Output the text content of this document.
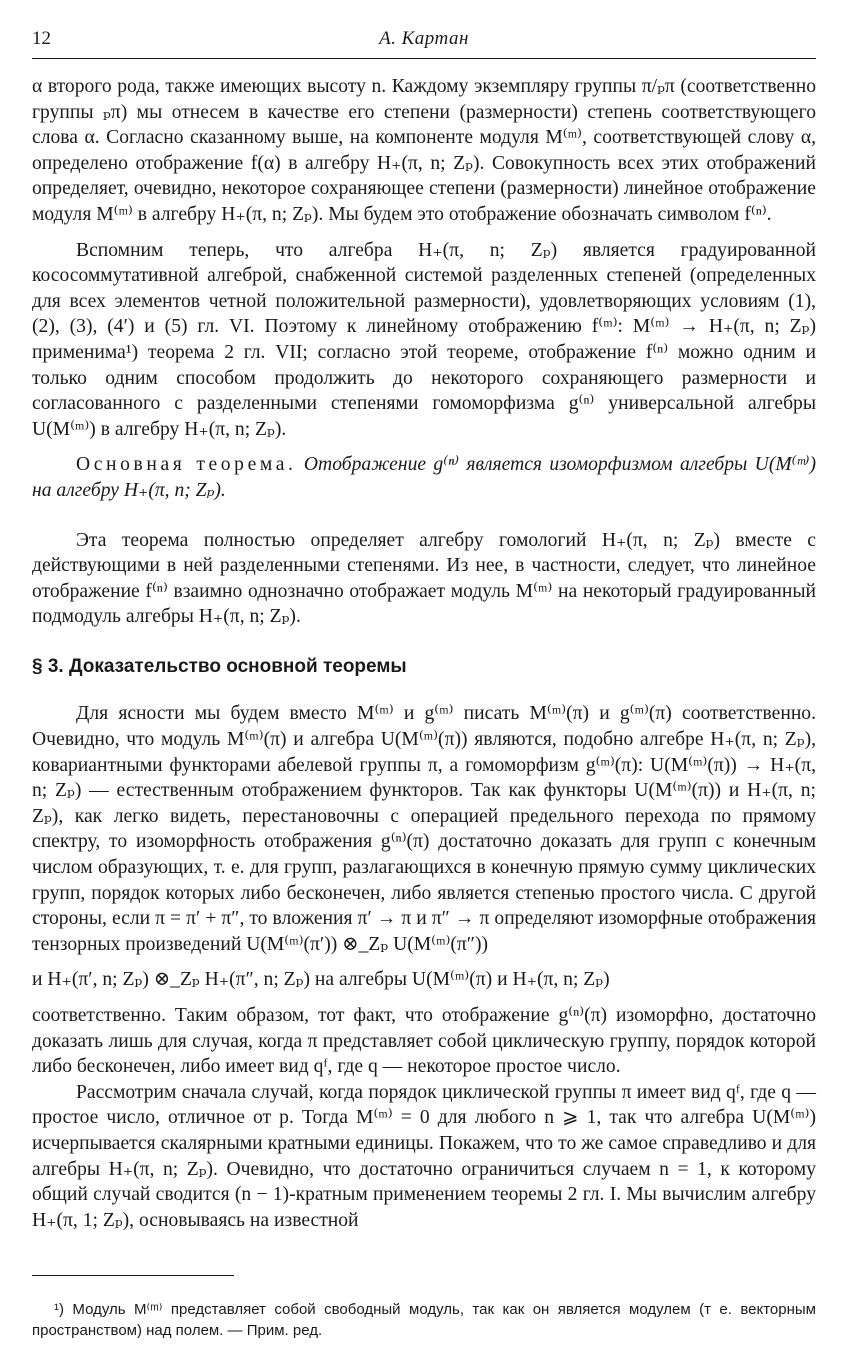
12	А. Картан

α второго рода, также имеющих высоту n. Каждому экземпляру группы π/ₚπ (соответственно группы ₚπ) мы отнесем в качестве его степени (размерности) степень соответствующего слова α. Согласно сказанному выше, на компоненте модуля M⁽ᵐ⁾, соответствующей слову α, определено отображение f(α) в алгебру H₊(π, n; Zₚ). Совокупность всех этих отображений определяет, очевидно, некоторое сохраняющее степени (размерности) линейное отображение модуля M⁽ᵐ⁾ в алгебру H₊(π, n; Zₚ). Мы будем это отображение обозначать символом f⁽ⁿ⁾.

Вспомним теперь, что алгебра H₊(π, n; Zₚ) является градуированной кососоммутативной алгеброй, снабженной системой разделенных степеней (определенных для всех элементов четной положительной размерности), удовлетворяющих условиям (1), (2), (3), (4′) и (5) гл. VI. Поэтому к линейному отображению f⁽ᵐ⁾: M⁽ᵐ⁾ → H₊(π, n; Zₚ) применима¹) теорема 2 гл. VII; согласно этой теореме, отображение f⁽ⁿ⁾ можно одним и только одним способом продолжить до некоторого сохраняющего размерности и согласованного с разделенными степенями гомоморфизма g⁽ⁿ⁾ универсальной алгебры U(M⁽ᵐ⁾) в алгебру H₊(π, n; Zₚ).

Основная теорема. Отображение g⁽ⁿ⁾ является изоморфизмом алгебры U(M⁽ᵐ⁾) на алгебру H₊(π, n; Zₚ).

Эта теорема полностью определяет алгебру гомологий H₊(π, n; Zₚ) вместе с действующими в ней разделенными степенями. Из нее, в частности, следует, что линейное отображение f⁽ⁿ⁾ взаимно однозначно отображает модуль M⁽ᵐ⁾ на некоторый градуированный подмодуль алгебры H₊(π, n; Zₚ).

§ 3. Доказательство основной теоремы

Для ясности мы будем вместо M⁽ᵐ⁾ и g⁽ᵐ⁾ писать M⁽ᵐ⁾(π) и g⁽ᵐ⁾(π) соответственно. Очевидно, что модуль M⁽ᵐ⁾(π) и алгебра U(M⁽ᵐ⁾(π)) являются, подобно алгебре H₊(π, n; Zₚ), ковариантными функторами абелевой группы π, а гомоморфизм g⁽ᵐ⁾(π): U(M⁽ᵐ⁾(π)) → H₊(π, n; Zₚ) — естественным отображением функторов. Так как функторы U(M⁽ᵐ⁾(π)) и H₊(π, n; Zₚ), как легко видеть, перестановочны с операцией предельного перехода по прямому спектру, то изоморфность отображения g⁽ⁿ⁾(π) достаточно доказать для групп с конечным числом образующих, т. е. для групп, разлагающихся в конечную прямую сумму циклических групп, порядок которых либо бесконечен, либо является степенью простого числа. С другой стороны, если π = π′ + π″, то вложения π′ → π и π″ → π определяют изоморфные отображения тензорных произведений U(M⁽ᵐ⁾(π′)) ⊗_Zₚ U(M⁽ᵐ⁾(π″))

и H₊(π′, n; Zₚ) ⊗_Zₚ H₊(π″, n; Zₚ) на алгебры U(M⁽ᵐ⁾(π) и H₊(π, n; Zₚ)

соответственно. Таким образом, тот факт, что отображение g⁽ⁿ⁾(π) изоморфно, достаточно доказать лишь для случая, когда π представляет собой циклическую группу, порядок которой либо бесконечен, либо имеет вид qᶠ, где q — некоторое простое число.

Рассмотрим сначала случай, когда порядок циклической группы π имеет вид qᶠ, где q — простое число, отличное от p. Тогда M⁽ᵐ⁾ = 0 для любого n ⩾ 1, так что алгебра U(M⁽ᵐ⁾) исчерпывается скалярными кратными единицы. Покажем, что то же самое справедливо и для алгебры H₊(π, n; Zₚ). Очевидно, что достаточно ограничиться случаем n = 1, к которому общий случай сводится (n − 1)-кратным применением теоремы 2 гл. I. Мы вычислим алгебру H₊(π, 1; Zₚ), основываясь на известной

¹) Модуль M⁽ᵐ⁾ представляет собой свободный модуль, так как он является модулем (т е. векторным пространством) над полем. — Прим. ред.
